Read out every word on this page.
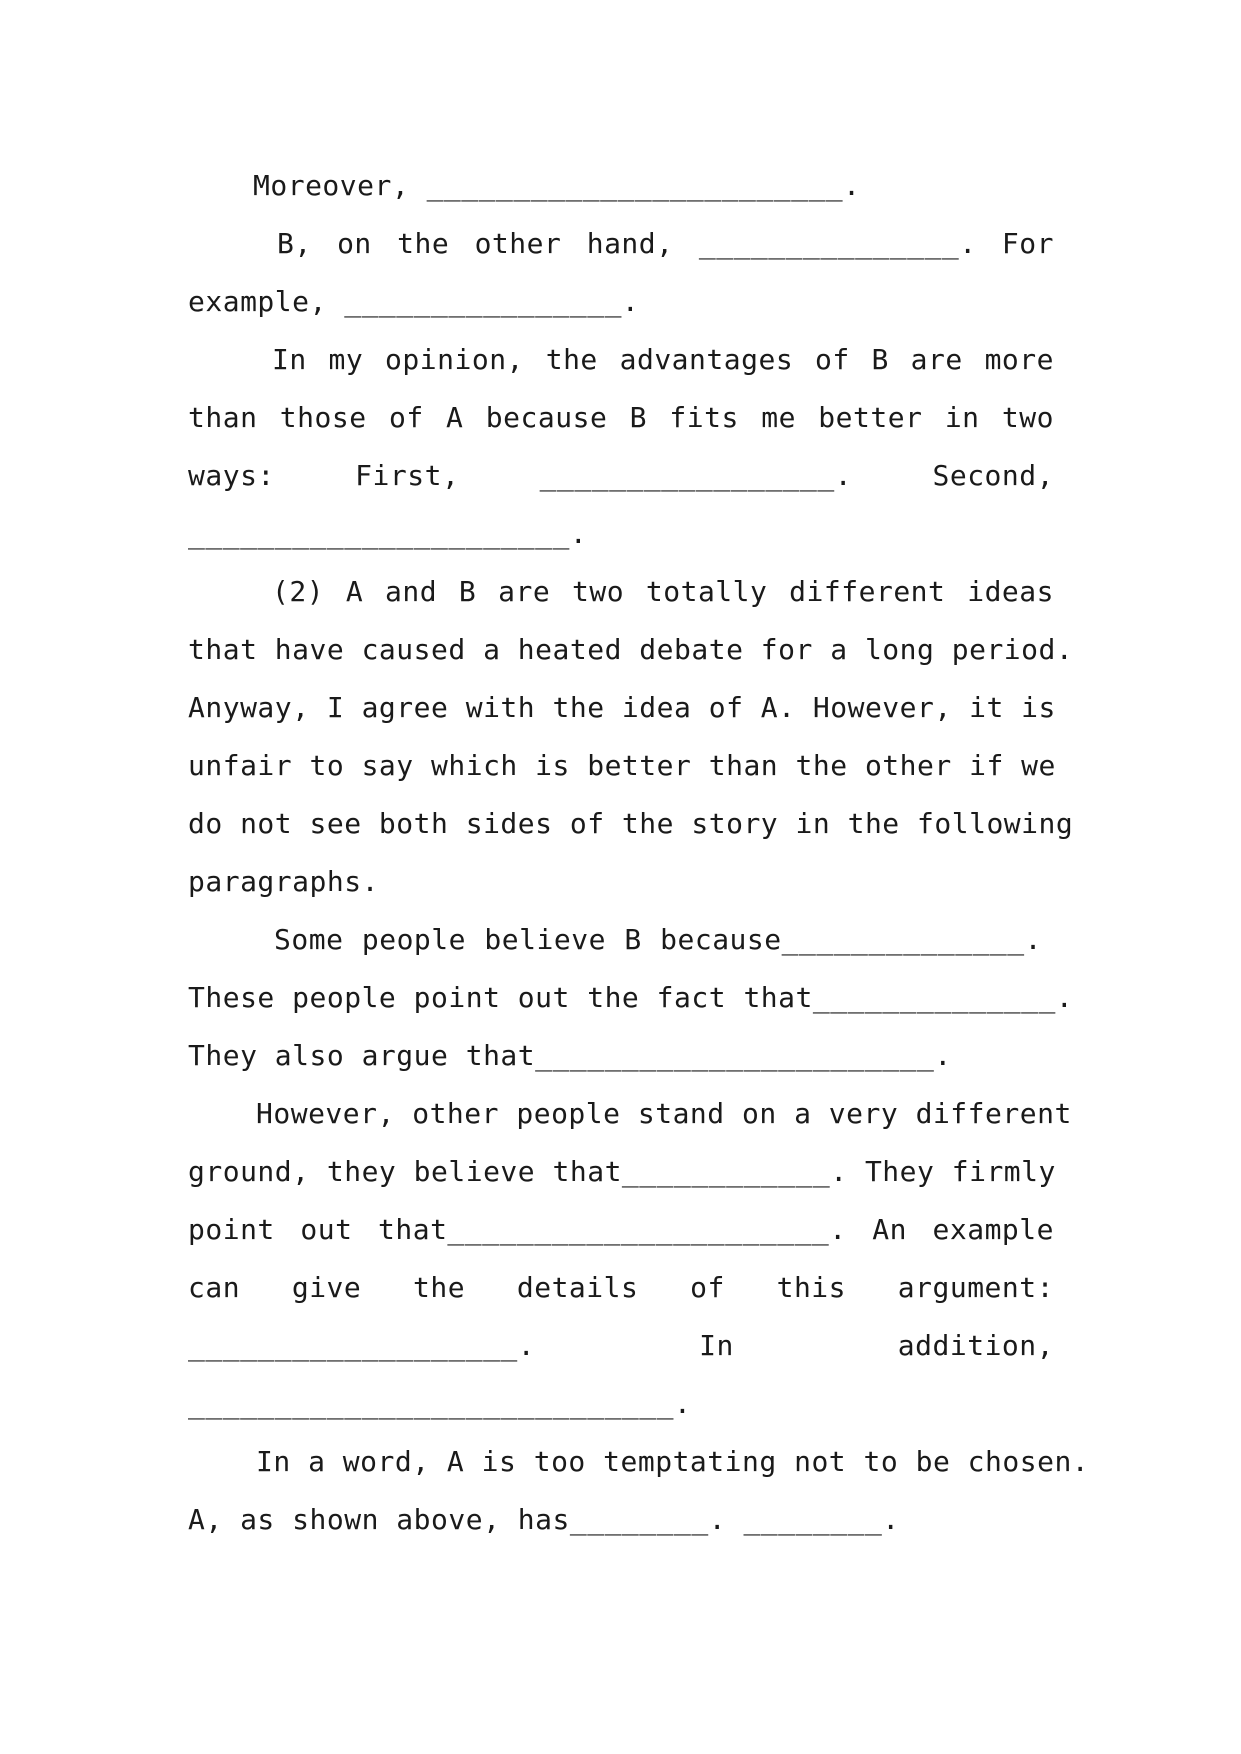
Moreover, ________________________.
B, on the other hand, _______________. For
example, ________________.
In my opinion, the advantages of B are more
than those of A because B fits me better in two
ways: First, _________________. Second,
______________________.
(2) A and B are two totally different ideas
that have caused a heated debate for a long period.
Anyway, I agree with the idea of A. However, it is
unfair to say which is better than the other if we
do not see both sides of the story in the following
paragraphs.
Some people believe B because______________.
These people point out the fact that______________.
They also argue that_______________________.
However, other people stand on a very different
ground, they believe that____________. They firmly
point out that______________________. An example
can give the details of this argument:
___________________. In addition,
____________________________.
In a word, A is too temptating not to be chosen.
A, as shown above, has________. ________.
